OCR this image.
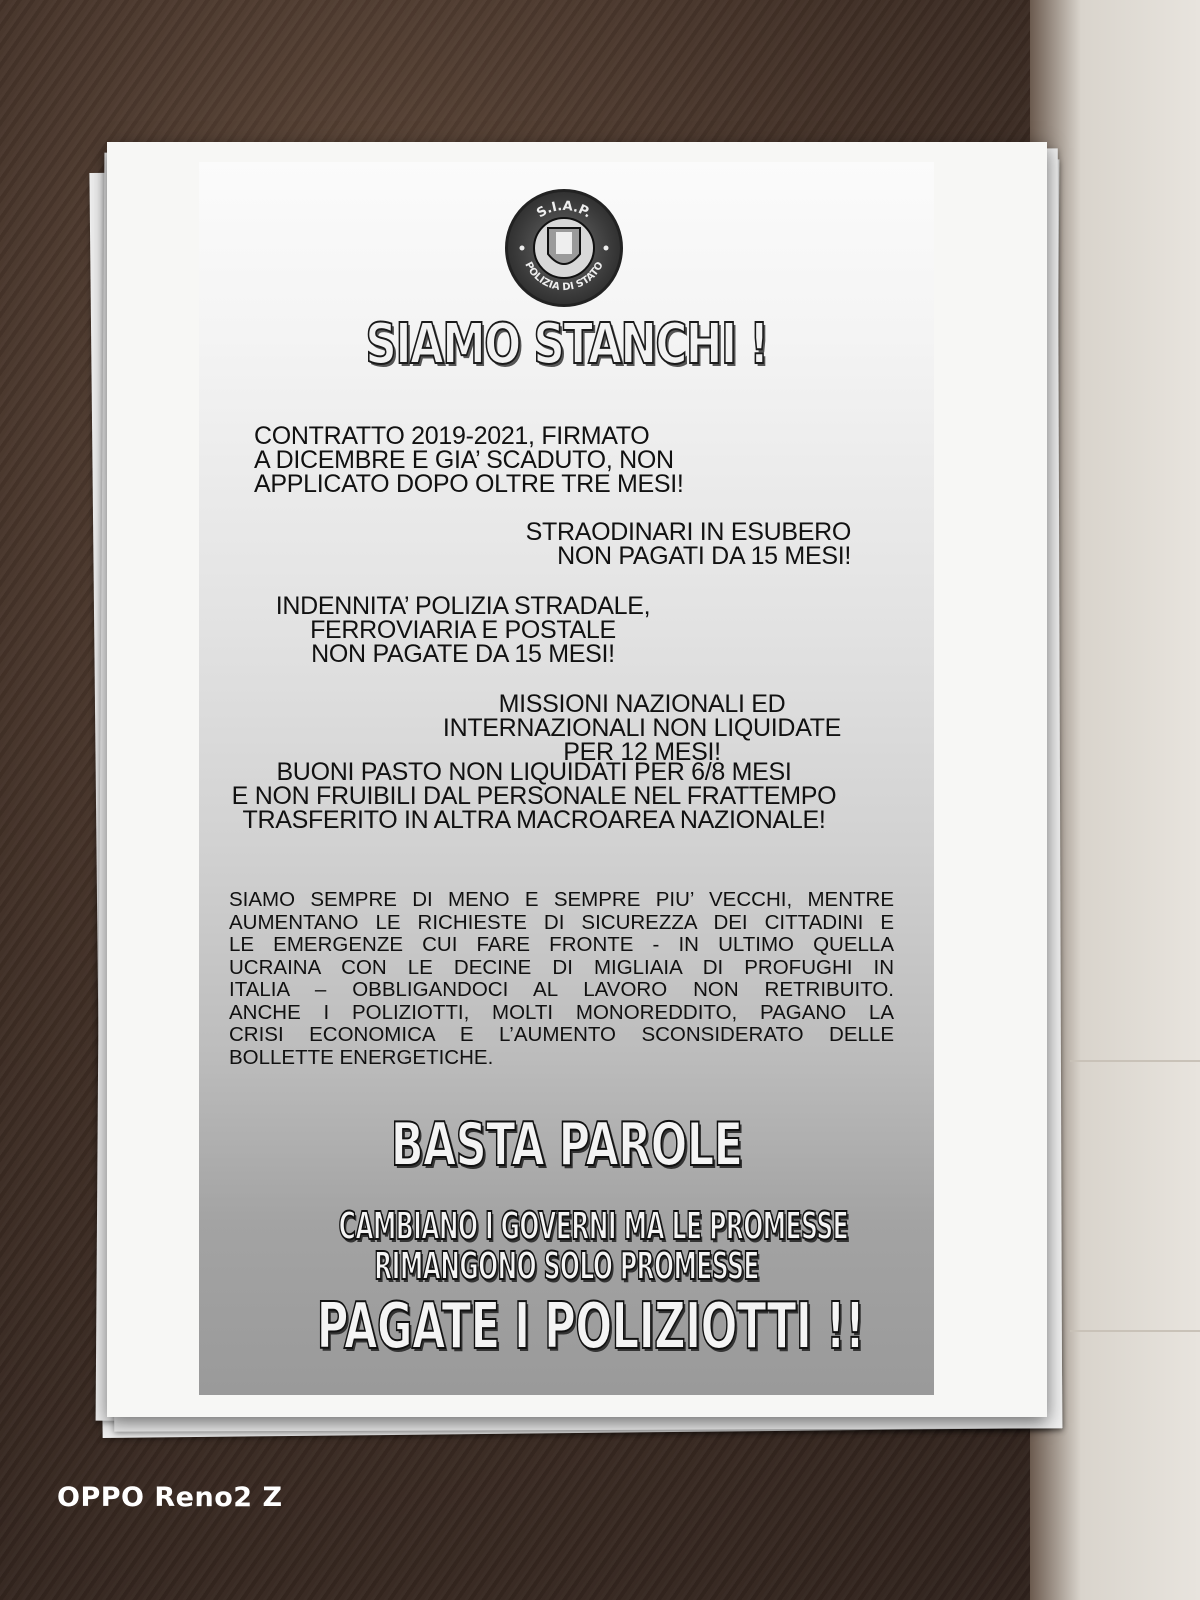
S.I.A.P.
POLIZIA DI STATO
SIAMO STANCHI !
CONTRATTO 2019-2021, FIRMATO
A DICEMBRE E GIA’ SCADUTO, NON
APPLICATO DOPO OLTRE TRE MESI!
STRAODINARI IN ESUBERO
NON PAGATI DA 15 MESI!
INDENNITA’ POLIZIA STRADALE,
FERROVIARIA E POSTALE
NON PAGATE DA 15 MESI!
MISSIONI NAZIONALI ED
INTERNAZIONALI NON LIQUIDATE
PER 12 MESI!
BUONI PASTO NON LIQUIDATI PER 6/8 MESI
E NON FRUIBILI DAL PERSONALE NEL FRATTEMPO
TRASFERITO IN ALTRA MACROAREA NAZIONALE!
SIAMO SEMPRE DI MENO E SEMPRE PIU’ VECCHI, MENTRE
AUMENTANO LE RICHIESTE DI SICUREZZA DEI CITTADINI E
LE EMERGENZE CUI FARE FRONTE - IN ULTIMO QUELLA
UCRAINA CON LE DECINE DI MIGLIAIA DI PROFUGHI IN
ITALIA – OBBLIGANDOCI AL LAVORO NON RETRIBUITO.
ANCHE I POLIZIOTTI, MOLTI MONOREDDITO, PAGANO LA
CRISI ECONOMICA E L’AUMENTO SCONSIDERATO DELLE
BOLLETTE ENERGETICHE.
BASTA PAROLE
CAMBIANO I GOVERNI MA LE PROMESSE
RIMANGONO SOLO PROMESSE
PAGATE I POLIZIOTTI !!
OPPO Reno2 Z
